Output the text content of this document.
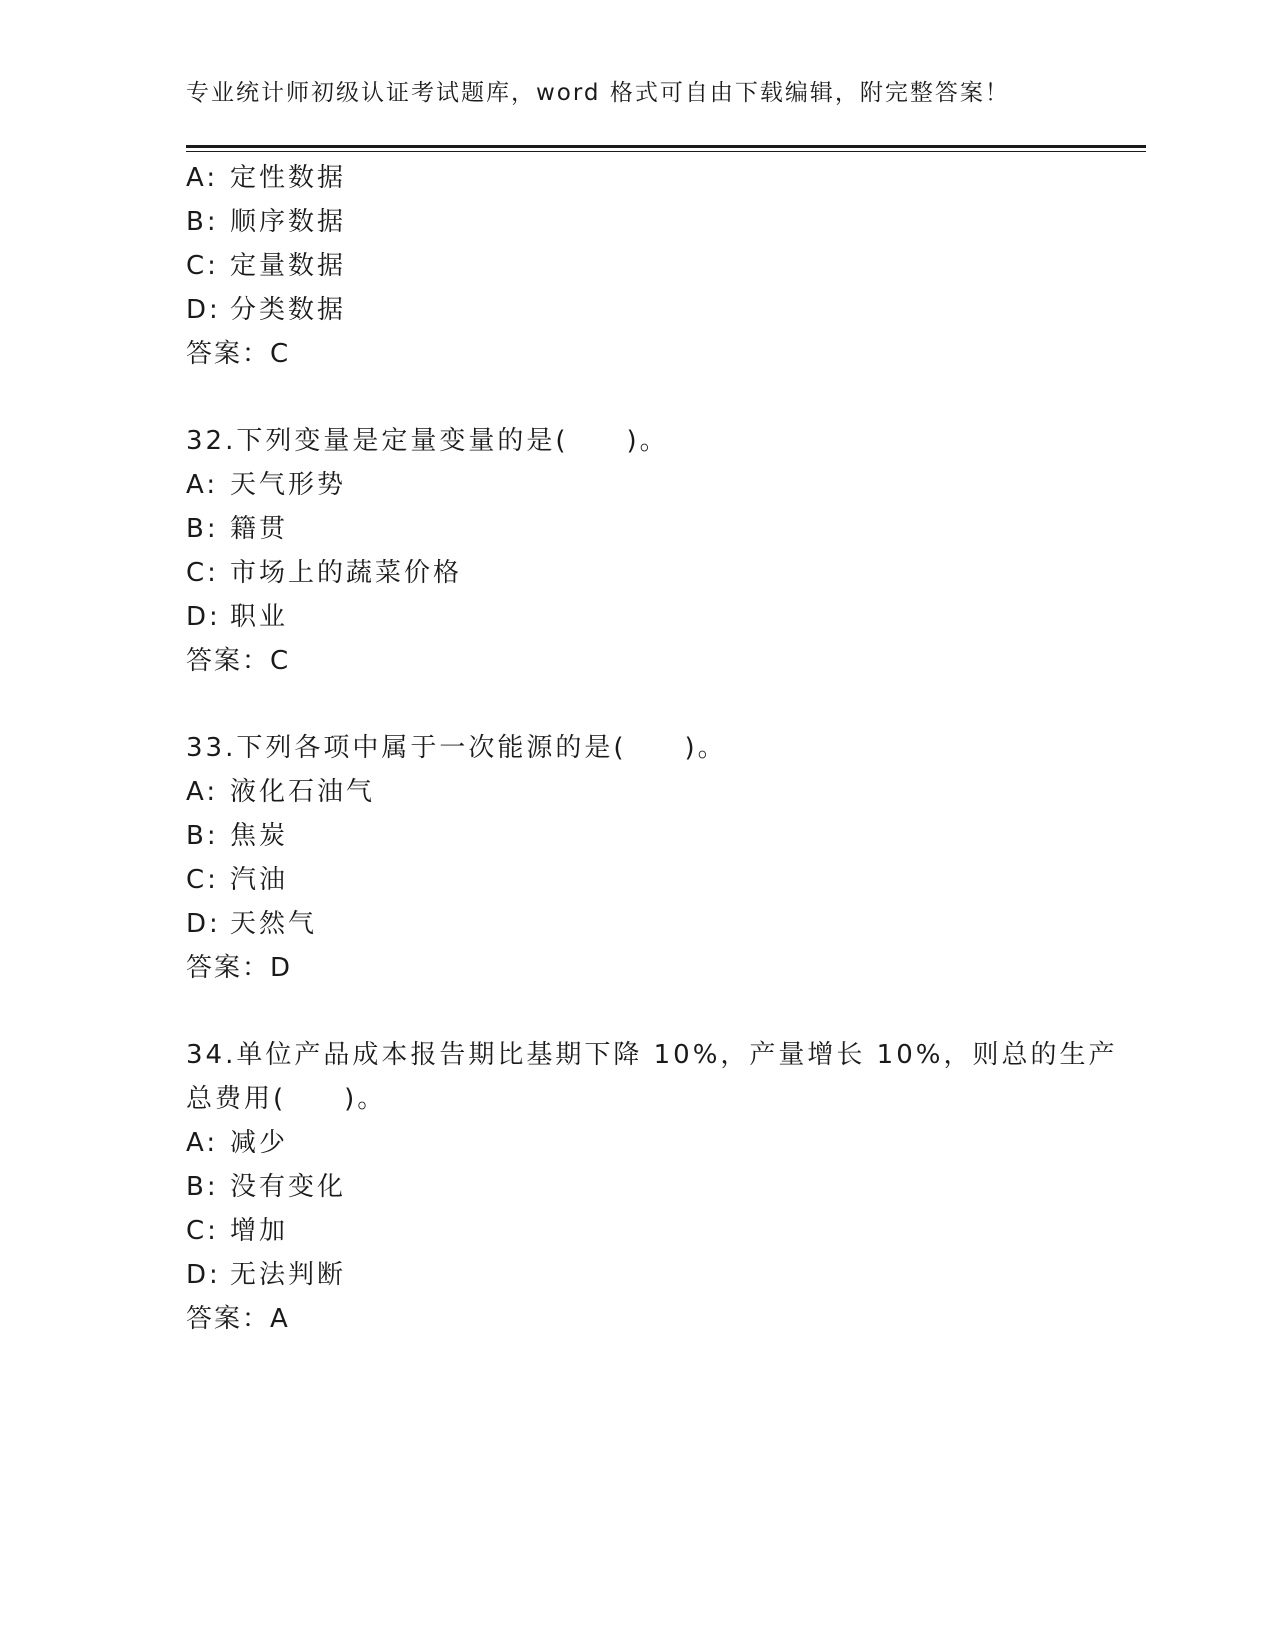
专业统计师初级认证考试题库，word 格式可自由下载编辑，附完整答案！
A: 定性数据
B: 顺序数据
C: 定量数据
D: 分类数据
答案：C
32.下列变量是定量变量的是(　　)。
A: 天气形势
B: 籍贯
C: 市场上的蔬菜价格
D: 职业
答案：C
33.下列各项中属于一次能源的是(　　)。
A: 液化石油气
B: 焦炭
C: 汽油
D: 天然气
答案：D
34.单位产品成本报告期比基期下降 10%，产量增长 10%，则总的生产
总费用(　　)。
A: 减少
B: 没有变化
C: 增加
D: 无法判断
答案：A
